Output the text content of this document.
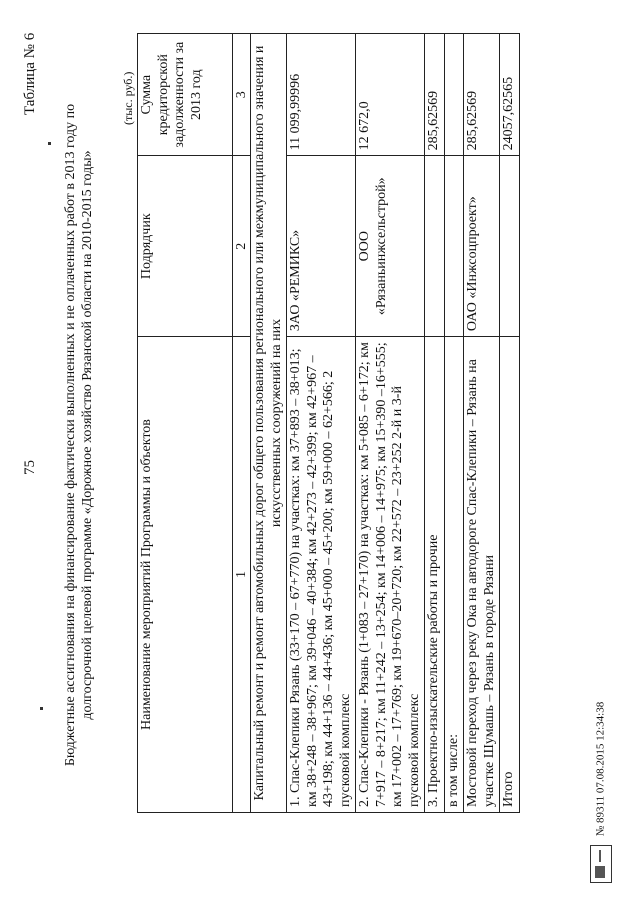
75
Таблица № 6
Бюджетные ассигнования на финансирование фактически выполненных и не оплаченных работ в 2013 году по долгосрочной целевой программе «Дорожное хозяйство Рязанской области на 2010-2015 годы»
(тыс. руб.)
Наименование мероприятий Программы и объектов	Подрядчик	Сумма кредиторской задолженности за 2013 год
1	2	3
Капитальный ремонт и ремонт автомобильных дорог общего пользования регионального или межмуниципального значения и искусственных сооружений на них		
1. Спас-Клепики Рязань (33+170 – 67+770) на участках: км 37+893 – 38+013; км 38+248 – 38+967; км 39+046 – 40+384; км 42+273 – 42+399; км 42+967 – 43+198; км 44+136 – 44+436; км 45+000 – 45+200; км 59+000 – 62+566; 2 пусковой комплекс	ЗАО «РЕМИКС»	11 099,99996
2. Спас-Клепики - Рязань (1+083 – 27+170) на участках: км 5+085 – 6+172; км 7+917 – 8+217; км 11+242 – 13+254; км 14+006 – 14+975; км 15+390 –16+555; км 17+002 – 17+769; км 19+670–20+720; км 22+572 – 23+252 2-й и 3-й пусковой комплекс	ООО «Рязаньинжсельстрой»	12 672,0
3. Проектно-изыскательские работы и прочие		285,62569
в том числе:		
Мостовой переход через реку Ока на автодороге Спас-Клепики – Рязань на участке Шумашь – Рязань в городе Рязани	ОАО «Инжсоцпроект»	285,62569
Итого		24057,62565
№ 89311 07.08.2015 12:34:38
